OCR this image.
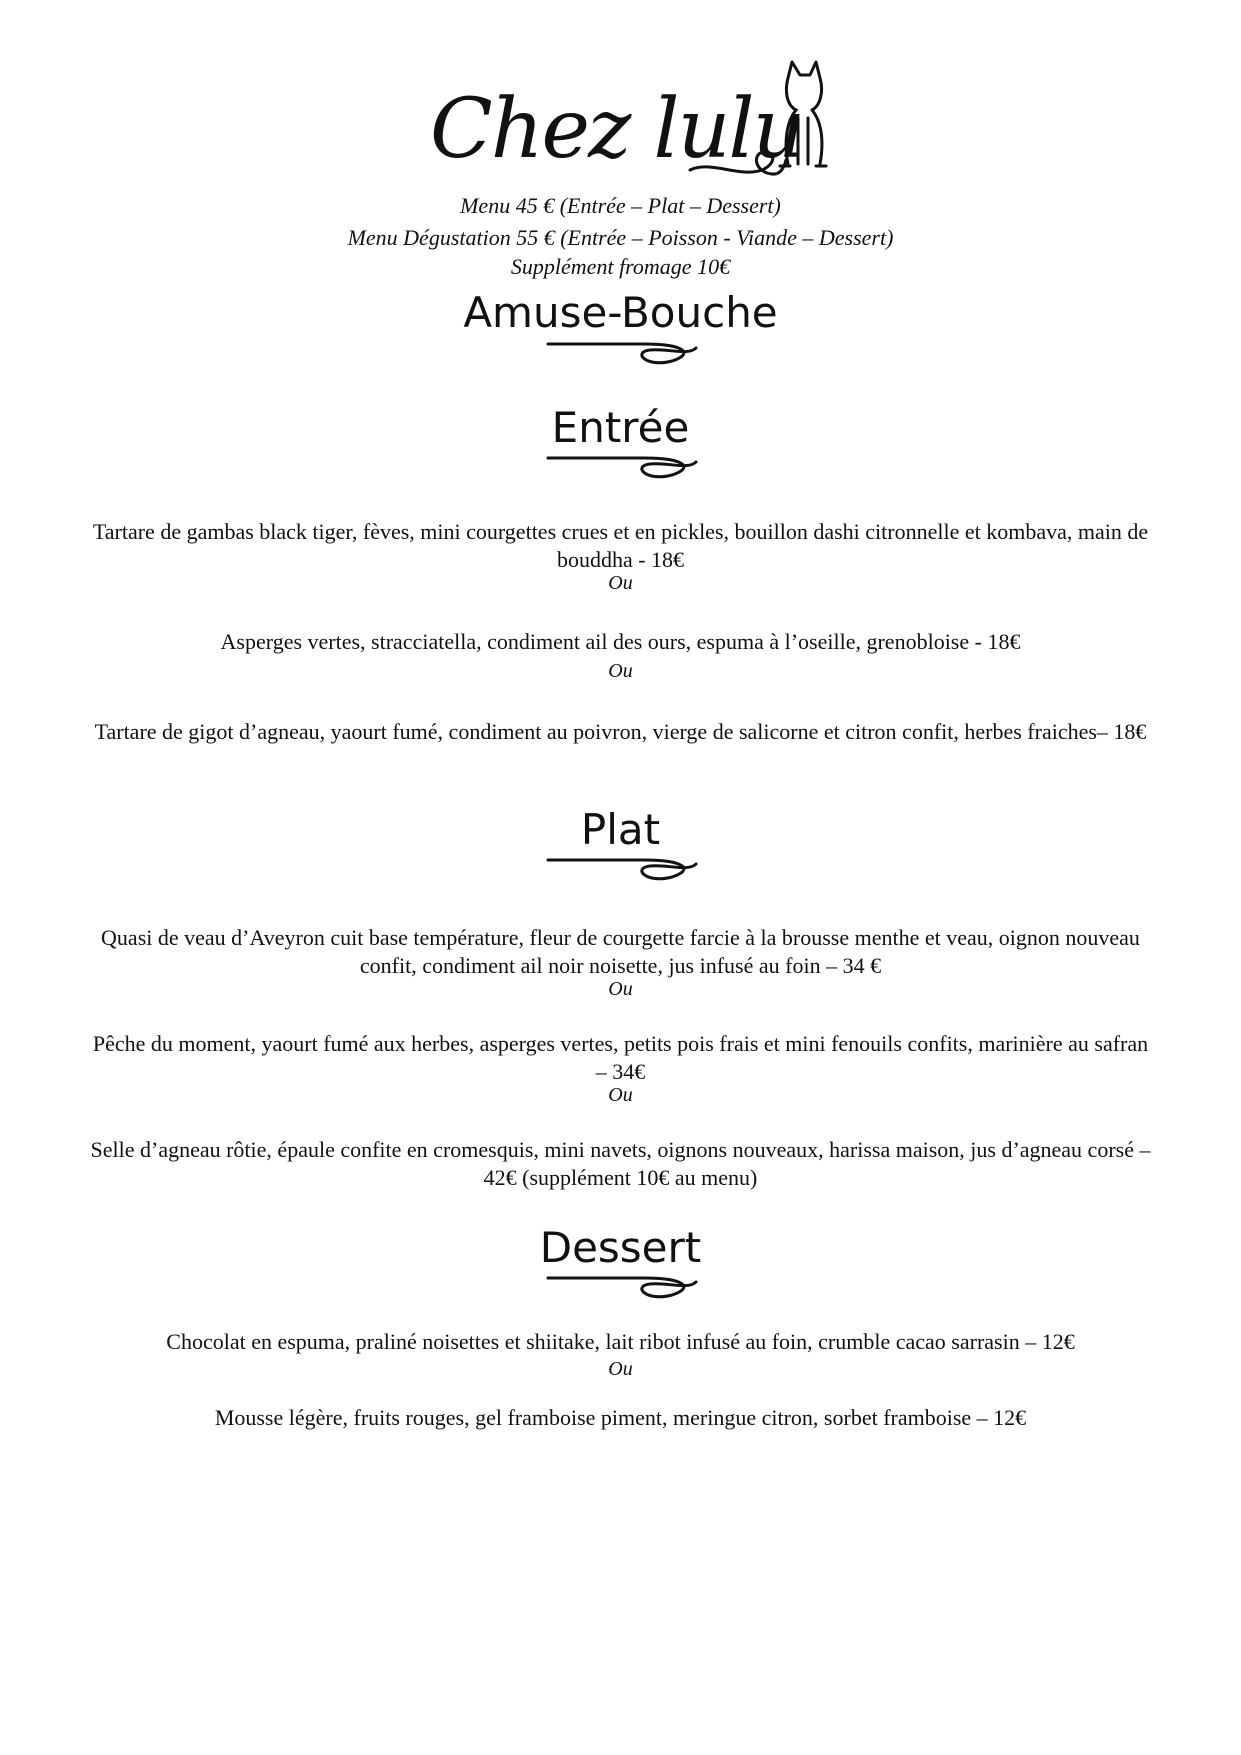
Chez lulu
Menu 45 € (Entrée – Plat – Dessert)
Menu Dégustation 55 € (Entrée – Poisson - Viande – Dessert)
Supplément fromage 10€
Amuse-Bouche
Entrée
Tartare de gambas black tiger, fèves, mini courgettes crues et en pickles, bouillon dashi citronnelle et kombava, main de bouddha - 18€
Ou
Asperges vertes, stracciatella, condiment ail des ours, espuma à l’oseille, grenobloise - 18€
Ou
Tartare de gigot d’agneau, yaourt fumé, condiment au poivron, vierge de salicorne et citron confit, herbes fraiches– 18€
Plat
Quasi de veau d’Aveyron cuit base température, fleur de courgette farcie à la brousse menthe et veau, oignon nouveau confit, condiment ail noir noisette, jus infusé au foin – 34 €
Ou
Pêche du moment, yaourt fumé aux herbes, asperges vertes, petits pois frais et mini fenouils confits, marinière au safran – 34€
Ou
Selle d’agneau rôtie, épaule confite en cromesquis, mini navets, oignons nouveaux, harissa maison, jus d’agneau corsé – 42€ (supplément 10€ au menu)
Dessert
Chocolat en espuma, praliné noisettes et shiitake, lait ribot infusé au foin, crumble cacao sarrasin – 12€
Ou
Mousse légère, fruits rouges, gel framboise piment, meringue citron, sorbet framboise – 12€
